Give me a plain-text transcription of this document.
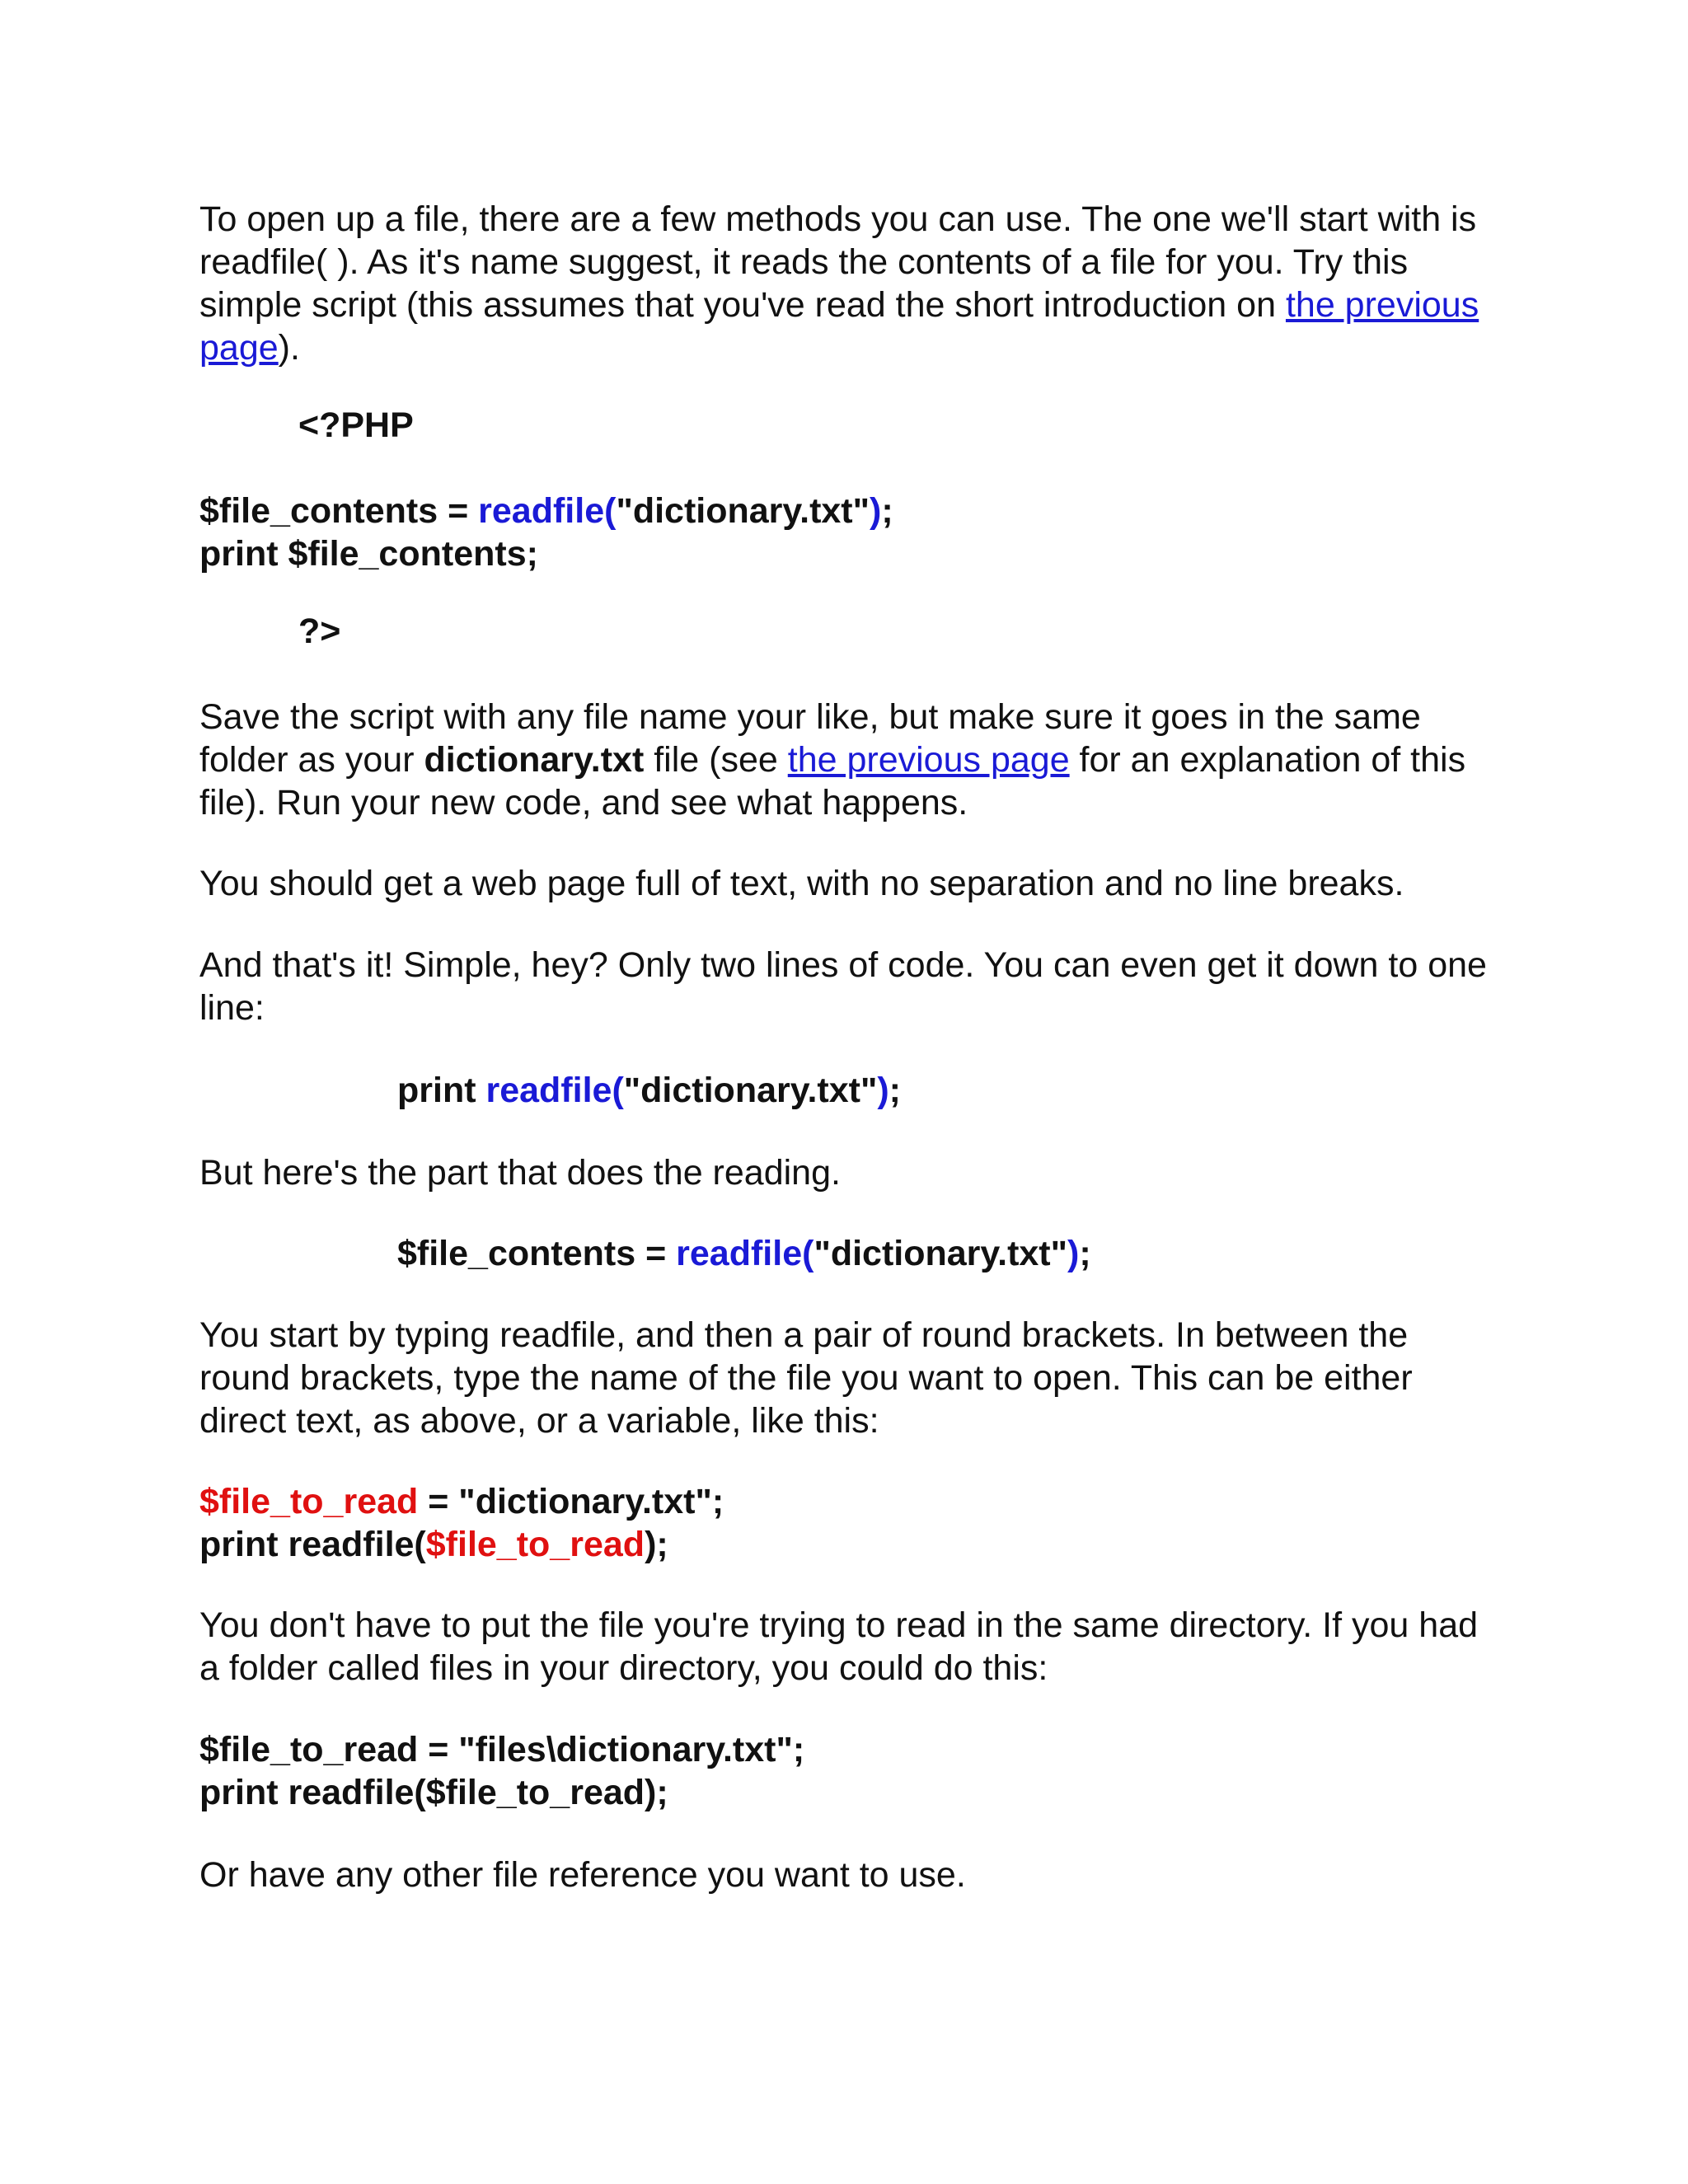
To open up a file, there are a few methods you can use. The one we'll start with is readfile( ). As it's name suggest, it reads the contents of a file for you. Try this simple script (this assumes that you've read the short introduction on the previous page).

<?PHP

$file_contents = readfile("dictionary.txt");

print $file_contents;

?>

Save the script with any file name your like, but make sure it goes in the same folder as your dictionary.txt file (see the previous page for an explanation of this file). Run your new code, and see what happens.

You should get a web page full of text, with no separation and no line breaks.

And that's it! Simple, hey? Only two lines of code. You can even get it down to one line:

print readfile("dictionary.txt");

But here's the part that does the reading.

$file_contents = readfile("dictionary.txt");

You start by typing readfile, and then a pair of round brackets. In between the round brackets, type the name of the file you want to open. This can be either direct text, as above, or a variable, like this:

$file_to_read = "dictionary.txt";

print readfile($file_to_read);

You don't have to put the file you're trying to read in the same directory. If you had a folder called files in your directory, you could do this:

$file_to_read = "files\dictionary.txt";

print readfile($file_to_read);

Or have any other file reference you want to use.
